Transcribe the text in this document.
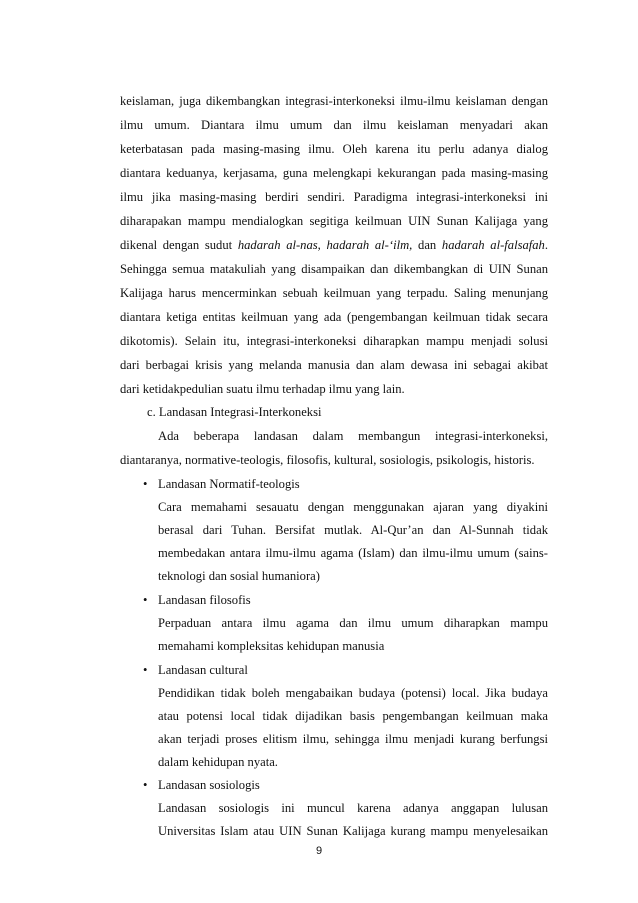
keislaman, juga dikembangkan integrasi-interkoneksi ilmu-ilmu keislaman dengan
ilmu umum. Diantara ilmu umum dan ilmu keislaman menyadari akan
keterbatasan pada masing-masing ilmu. Oleh karena itu perlu adanya dialog
diantara keduanya, kerjasama, guna melengkapi kekurangan pada masing-masing
ilmu jika masing-masing berdiri sendiri. Paradigma integrasi-interkoneksi ini
diharapakan mampu mendialogkan segitiga keilmuan UIN Sunan Kalijaga yang
dikenal dengan sudut hadarah al-nas, hadarah al-‘ilm, dan hadarah al-falsafah.
Sehingga semua matakuliah yang disampaikan dan dikembangkan di UIN Sunan
Kalijaga harus mencerminkan sebuah keilmuan yang terpadu. Saling menunjang
diantara ketiga entitas keilmuan yang ada (pengembangan keilmuan tidak secara
dikotomis). Selain itu, integrasi-interkoneksi diharapkan mampu menjadi solusi
dari berbagai krisis yang melanda manusia dan alam dewasa ini sebagai akibat
dari ketidakpedulian suatu ilmu terhadap ilmu yang lain.
c. Landasan Integrasi-Interkoneksi
Ada beberapa landasan dalam membangun integrasi-interkoneksi,
diantaranya, normative-teologis, filosofis, kultural, sosiologis, psikologis, historis.
• Landasan Normatif-teologis
Cara memahami sesauatu dengan menggunakan ajaran yang diyakini
berasal dari Tuhan. Bersifat mutlak. Al-Qur’an dan Al-Sunnah tidak
membedakan antara ilmu-ilmu agama (Islam) dan ilmu-ilmu umum (sains-
teknologi dan sosial humaniora)
• Landasan filosofis
Perpaduan antara ilmu agama dan ilmu umum diharapkan mampu
memahami kompleksitas kehidupan manusia
• Landasan cultural
Pendidikan tidak boleh mengabaikan budaya (potensi) local. Jika budaya
atau potensi local tidak dijadikan basis pengembangan keilmuan maka
akan terjadi proses elitism ilmu, sehingga ilmu menjadi kurang berfungsi
dalam kehidupan nyata.
• Landasan sosiologis
Landasan sosiologis ini muncul karena adanya anggapan lulusan
Universitas Islam atau UIN Sunan Kalijaga kurang mampu menyelesaikan
9
